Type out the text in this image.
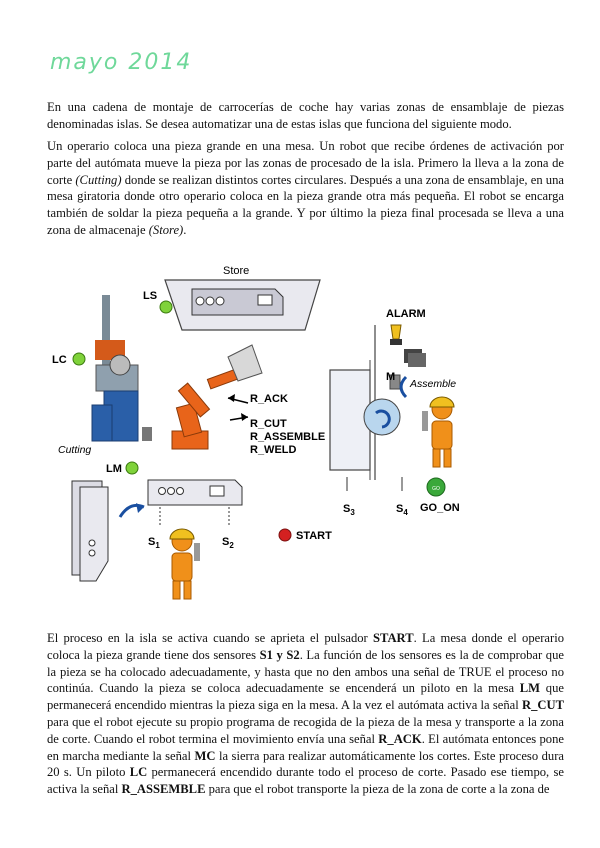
mayo 2014

En una cadena de montaje de carrocerías de coche hay varias zonas de ensamblaje de piezas denominadas islas. Se desea automatizar una de estas islas que funciona del siguiente modo.

Un operario coloca una pieza grande en una mesa. Un robot que recibe órdenes de activación por parte del autómata mueve la pieza por las zonas de procesado de la isla. Primero la lleva a la zona de corte (Cutting) donde se realizan distintos cortes circulares. Después a una zona de ensamblaje, en una mesa giratoria donde otro operario coloca en la pieza grande otra más pequeña. El robot se encarga también de soldar la pieza pequeña a la grande. Y por último la pieza final procesada se lleva a una zona de almacenaje (Store).

Store
LS
LC
Cutting
R_ACK
R_CUT
R_ASSEMBLE
R_WELD
M
Assemble
ALARM
$S_3$	$S_4$
GO
GO_ON
LM
$S_1$	$S_2$
START

El proceso en la isla se activa cuando se aprieta el pulsador START. La mesa donde el operario coloca la pieza grande tiene dos sensores S1 y S2. La función de los sensores es la de comprobar que la pieza se ha colocado adecuadamente, y hasta que no den ambos una señal de TRUE el proceso no continúa. Cuando la pieza se coloca adecuadamente se encenderá un piloto en la mesa LM que permanecerá encendido mientras la pieza siga en la mesa. A la vez el autómata activa la señal R_CUT para que el robot ejecute su propio programa de recogida de la pieza de la mesa y transporte a la zona de corte. Cuando el robot termina el movimiento envía una señal R_ACK. El autómata entonces pone en marcha mediante la señal MC la sierra para realizar automáticamente los cortes. Este proceso dura 20 s. Un piloto LC permanecerá encendido durante todo el proceso de corte. Pasado ese tiempo, se activa la señal R_ASSEMBLE para que el robot transporte la pieza de la zona de corte a la zona de
